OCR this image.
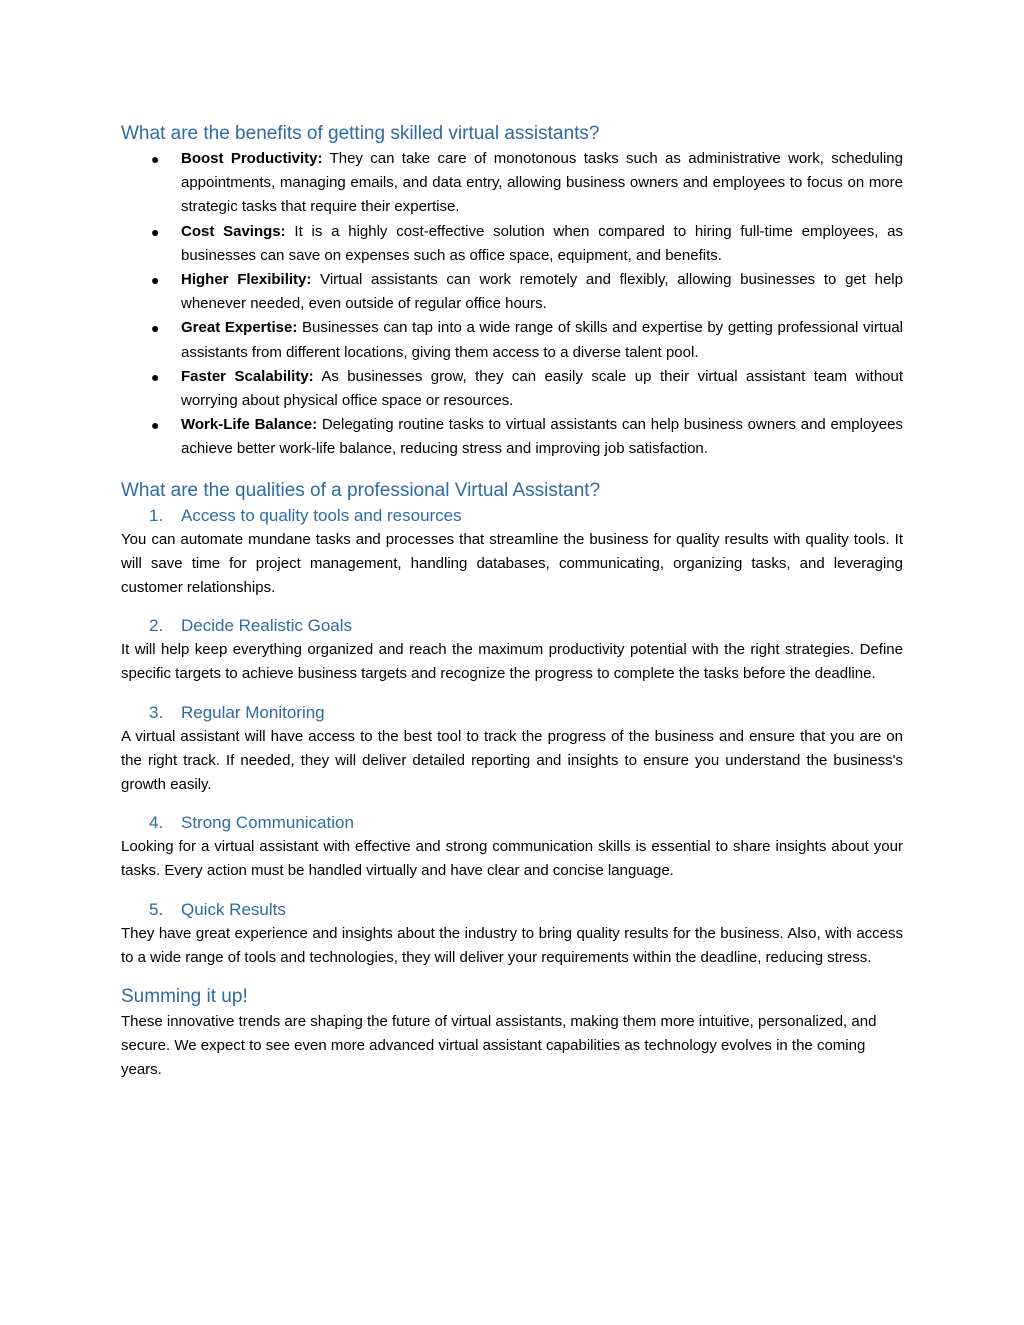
What are the benefits of getting skilled virtual assistants?
● Boost Productivity: They can take care of monotonous tasks such as administrative work, scheduling appointments, managing emails, and data entry, allowing business owners and employees to focus on more strategic tasks that require their expertise.
● Cost Savings: It is a highly cost-effective solution when compared to hiring full-time employees, as businesses can save on expenses such as office space, equipment, and benefits.
● Higher Flexibility: Virtual assistants can work remotely and flexibly, allowing businesses to get help whenever needed, even outside of regular office hours.
● Great Expertise: Businesses can tap into a wide range of skills and expertise by getting professional virtual assistants from different locations, giving them access to a diverse talent pool.
● Faster Scalability: As businesses grow, they can easily scale up their virtual assistant team without worrying about physical office space or resources.
● Work-Life Balance: Delegating routine tasks to virtual assistants can help business owners and employees achieve better work-life balance, reducing stress and improving job satisfaction.
What are the qualities of a professional Virtual Assistant?
1.	Access to quality tools and resources

You can automate mundane tasks and processes that streamline the business for quality results with quality tools. It will save time for project management, handling databases, communicating, organizing tasks, and leveraging customer relationships.

2.	Decide Realistic Goals

It will help keep everything organized and reach the maximum productivity potential with the right strategies. Define specific targets to achieve business targets and recognize the progress to complete the tasks before the deadline.

3.	Regular Monitoring

A virtual assistant will have access to the best tool to track the progress of the business and ensure that you are on the right track. If needed, they will deliver detailed reporting and insights to ensure you understand the business's growth easily.

4.	Strong Communication

Looking for a virtual assistant with effective and strong communication skills is essential to share insights about your tasks. Every action must be handled virtually and have clear and concise language.

5.	Quick Results

They have great experience and insights about the industry to bring quality results for the business. Also, with access to a wide range of tools and technologies, they will deliver your requirements within the deadline, reducing stress.

Summing it up!

These innovative trends are shaping the future of virtual assistants, making them more intuitive, personalized, and secure. We expect to see even more advanced virtual assistant capabilities as technology evolves in the coming years.
